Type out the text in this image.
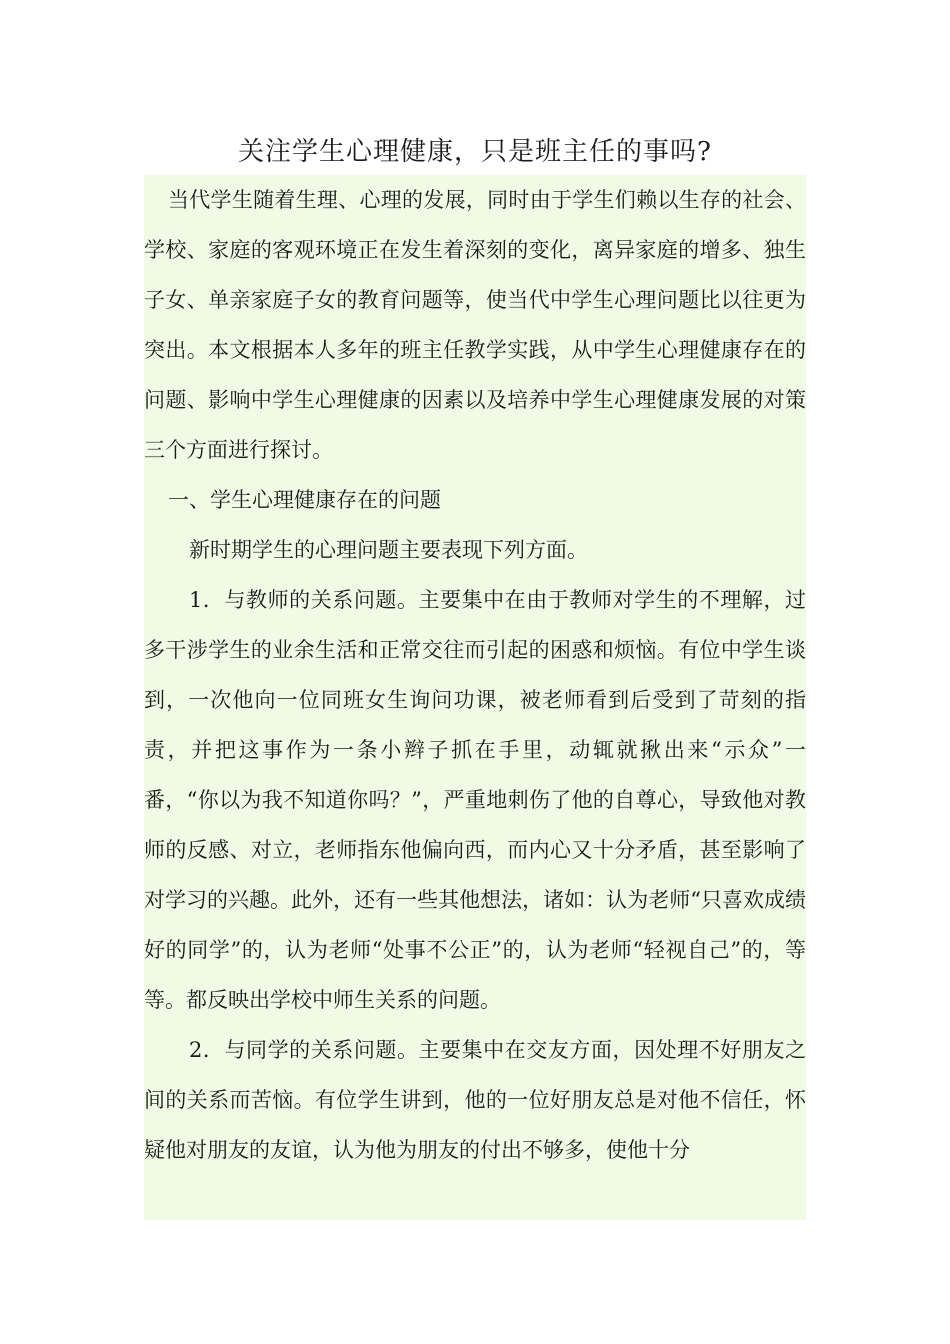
关注学生心理健康，只是班主任的事吗?

当代学生随着生理、心理的发展，同时由于学生们赖以生存的社会、学校、家庭的客观环境正在发生着深刻的变化，离异家庭的增多、独生子女、单亲家庭子女的教育问题等，使当代中学生心理问题比以往更为突出。本文根据本人多年的班主任教学实践，从中学生心理健康存在的问题、影响中学生心理健康的因素以及培养中学生心理健康发展的对策三个方面进行探讨。

一、学生心理健康存在的问题

新时期学生的心理问题主要表现下列方面。

1．与教师的关系问题。主要集中在由于教师对学生的不理解，过多干涉学生的业余生活和正常交往而引起的困惑和烦恼。有位中学生谈到，一次他向一位同班女生询问功课，被老师看到后受到了苛刻的指责，并把这事作为一条小辫子抓在手里，动辄就揪出来“示众”一番，“你以为我不知道你吗？”，严重地刺伤了他的自尊心，导致他对教师的反感、对立，老师指东他偏向西，而内心又十分矛盾，甚至影响了对学习的兴趣。此外，还有一些其他想法，诸如：认为老师“只喜欢成绩好的同学”的，认为老师“处事不公正”的，认为老师“轻视自己”的，等等。都反映出学校中师生关系的问题。

2．与同学的关系问题。主要集中在交友方面，因处理不好朋友之间的关系而苦恼。有位学生讲到，他的一位好朋友总是对他不信任，怀疑他对朋友的友谊，认为他为朋友的付出不够多，使他十分
